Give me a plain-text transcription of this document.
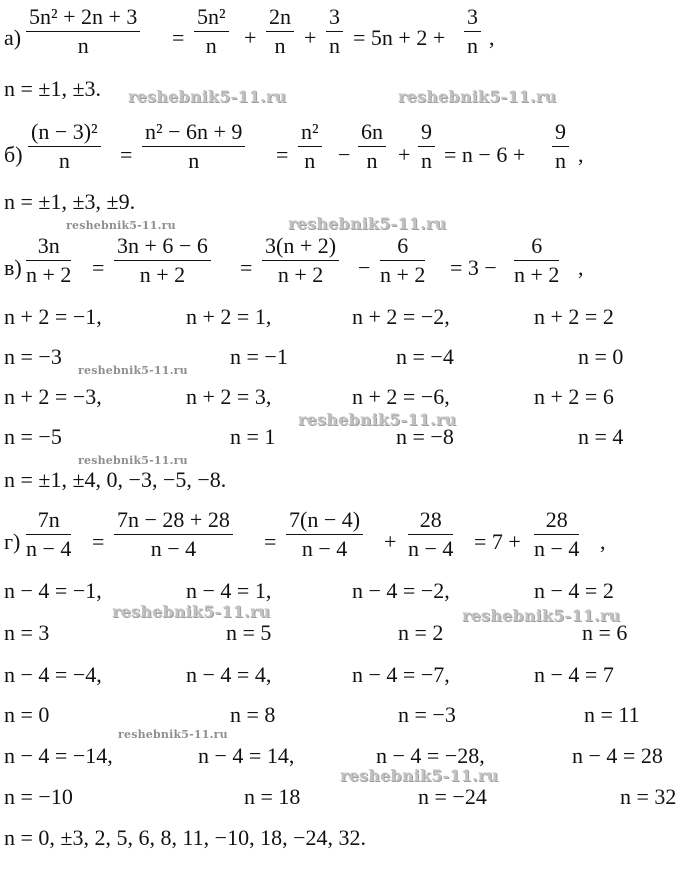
$а) \frac{\text{5n² + 2n + 3}}{n} = \frac{\text{5n²}}{n} + \frac{2n}{n} + \frac{3}{n} = 5n + 2 + \frac{3}{n}$ ,
n = ±1, ±3.
$б) \frac{\text{(n − 3)²}}{n} = \frac{\text{n² − 6n + 9}}{n} = \frac{\text{n²}}{n} - \frac{6n}{n} + \frac{9}{n} = n - 6 + \frac{9}{n}$ ,
n = ±1, ±3, ±9.
$в) \frac{3n}{n + 2} = \frac{3n + 6 - 6}{n + 2} = \frac{3(n + 2)}{n + 2} - \frac{6}{n + 2} = 3 - \frac{6}{n + 2}$ ,
n + 2 = −1,	n + 2 = 1,	n + 2 = −2,	n + 2 = 2
n = −3	n = −1	n = −4	n = 0
n + 2 = −3,	n + 2 = 3,	n + 2 = −6,	n + 2 = 6
n = −5	n = 1	n = −8	n = 4
n = ±1, ±4, 0, −3, −5, −8.
$г) \frac{7n}{n - 4} = \frac{7n - 28 + 28}{n - 4} = \frac{7(n - 4)}{n - 4} + \frac{28}{n - 4} = 7 + \frac{28}{n - 4}$ ,
n − 4 = −1,	n − 4 = 1,	n − 4 = −2,	n − 4 = 2
n = 3	n = 5	n = 2	n = 6
n − 4 = −4,	n − 4 = 4,	n − 4 = −7,	n − 4 = 7
n = 0	n = 8	n = −3	n = 11
n − 4 = −14,	n − 4 = 14,	n − 4 = −28,	n − 4 = 28
n = −10	n = 18	n = −24	n = 32
n = 0, ±3, 2, 5, 6, 8, 11, −10, 18, −24, 32.
reshebnik5-11.ru	reshebnik5-11.ru
reshebnik5-11.ru	reshebnik5-11.ru
reshebnik5-11.ru
reshebnik5-11.ru
reshebnik5-11.ru
reshebnik5-11.ru	reshebnik5-11.ru
reshebnik5-11.ru
reshebnik5-11.ru
